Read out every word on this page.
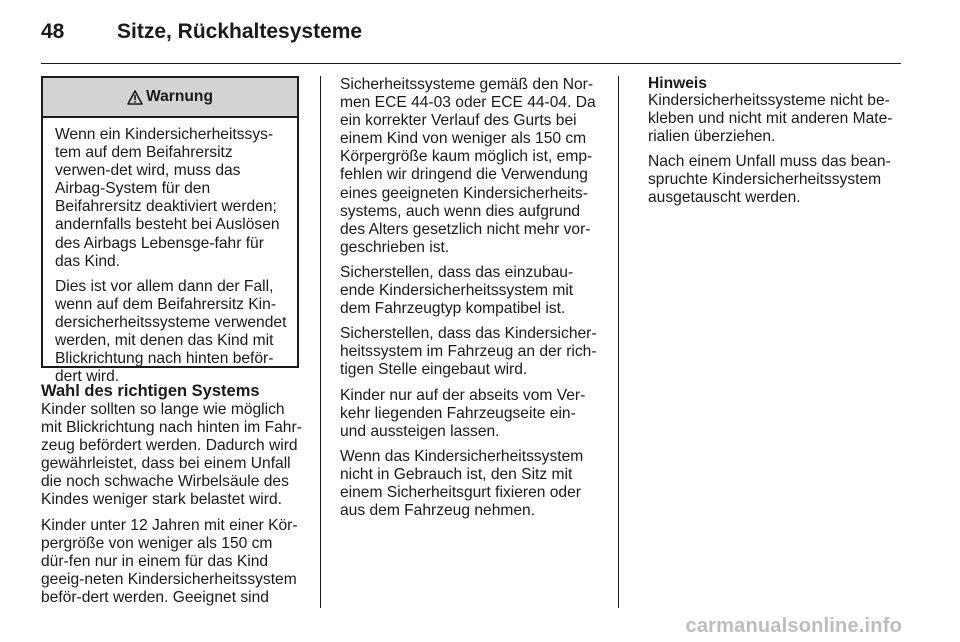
48	Sitze, Rückhaltesysteme
Warnung

Wenn ein Kindersicherheitssys-tem auf dem Beifahrersitz verwen-det wird, muss das Airbag-System für den Beifahrersitz deaktiviert werden; andernfalls besteht bei Auslösen des Airbags Lebensge-fahr für das Kind.

Dies ist vor allem dann der Fall, wenn auf dem Beifahrersitz Kin-dersicherheitssysteme verwendet werden, mit denen das Kind mit Blickrichtung nach hinten beför-dert wird.

Wahl des richtigen Systems

Kinder sollten so lange wie möglich mit Blickrichtung nach hinten im Fahr-zeug befördert werden. Dadurch wird gewährleistet, dass bei einem Unfall die noch schwache Wirbelsäule des Kindes weniger stark belastet wird.

Kinder unter 12 Jahren mit einer Kör-pergröße von weniger als 150 cm dür-fen nur in einem für das Kind geeig-neten Kindersicherheitssystem beför-dert werden. Geeignet sind

Sicherheitssysteme gemäß den Nor-men ECE 44-03 oder ECE 44-04. Da ein korrekter Verlauf des Gurts bei einem Kind von weniger als 150 cm Körpergröße kaum möglich ist, emp-fehlen wir dringend die Verwendung eines geeigneten Kindersicherheits-systems, auch wenn dies aufgrund des Alters gesetzlich nicht mehr vor-geschrieben ist.

Sicherstellen, dass das einzubau-ende Kindersicherheitssystem mit dem Fahrzeugtyp kompatibel ist.

Sicherstellen, dass das Kindersicher-heitssystem im Fahrzeug an der rich-tigen Stelle eingebaut wird.

Kinder nur auf der abseits vom Ver-kehr liegenden Fahrzeugseite ein- und aussteigen lassen.

Wenn das Kindersicherheitssystem nicht in Gebrauch ist, den Sitz mit einem Sicherheitsgurt fixieren oder aus dem Fahrzeug nehmen.

Hinweis

Kindersicherheitssysteme nicht be-kleben und nicht mit anderen Mate-rialien überziehen.

Nach einem Unfall muss das bean-spruchte Kindersicherheitssystem ausgetauscht werden.

carmanualsonline.info
